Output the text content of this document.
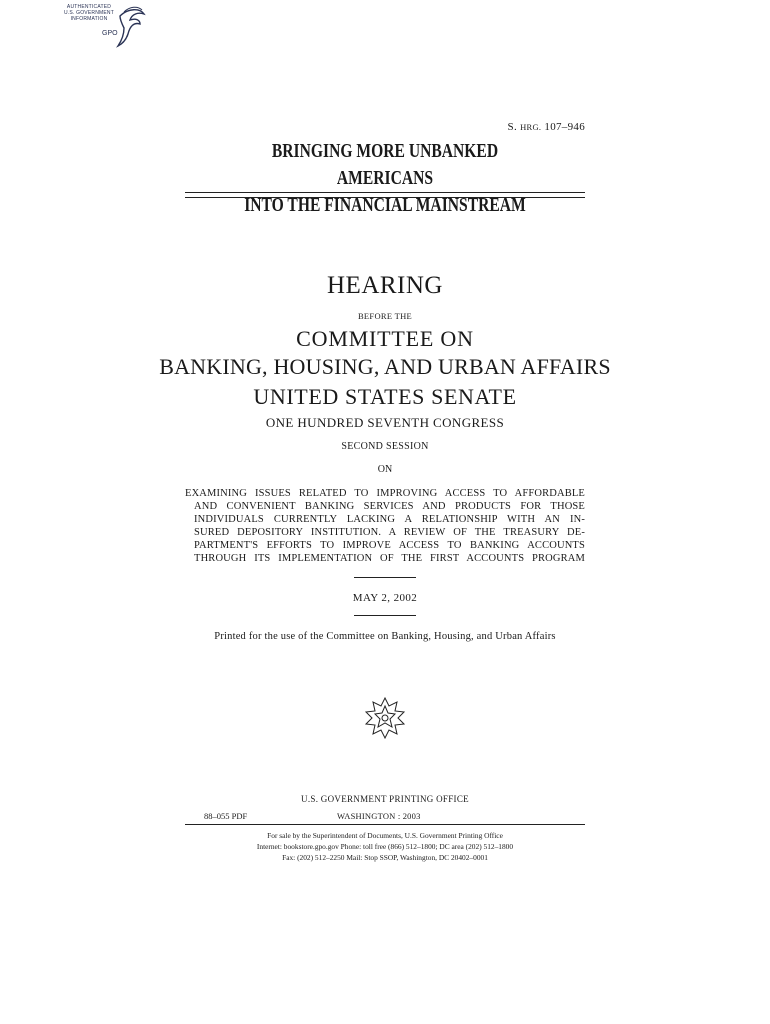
AUTHENTICATED
U.S. GOVERNMENT
INFORMATION
GPO
S. HRG. 107–946
BRINGING MORE UNBANKED AMERICANS
INTO THE FINANCIAL MAINSTREAM
HEARING
BEFORE THE
COMMITTEE ON
BANKING, HOUSING, AND URBAN AFFAIRS
UNITED STATES SENATE
ONE HUNDRED SEVENTH CONGRESS
SECOND SESSION
ON
EXAMINING ISSUES RELATED TO IMPROVING ACCESS TO AFFORDABLE
AND CONVENIENT BANKING SERVICES AND PRODUCTS FOR THOSE
INDIVIDUALS CURRENTLY LACKING A RELATIONSHIP WITH AN IN-
SURED DEPOSITORY INSTITUTION. A REVIEW OF THE TREASURY DE-
PARTMENT'S EFFORTS TO IMPROVE ACCESS TO BANKING ACCOUNTS
THROUGH ITS IMPLEMENTATION OF THE FIRST ACCOUNTS PROGRAM
MAY 2, 2002
Printed for the use of the Committee on Banking, Housing, and Urban Affairs
U.S. GOVERNMENT PRINTING OFFICE
88–055 PDF	WASHINGTON : 2003
For sale by the Superintendent of Documents, U.S. Government Printing Office
Internet: bookstore.gpo.gov Phone: toll free (866) 512–1800; DC area (202) 512–1800
Fax: (202) 512–2250 Mail: Stop SSOP, Washington, DC 20402–0001
